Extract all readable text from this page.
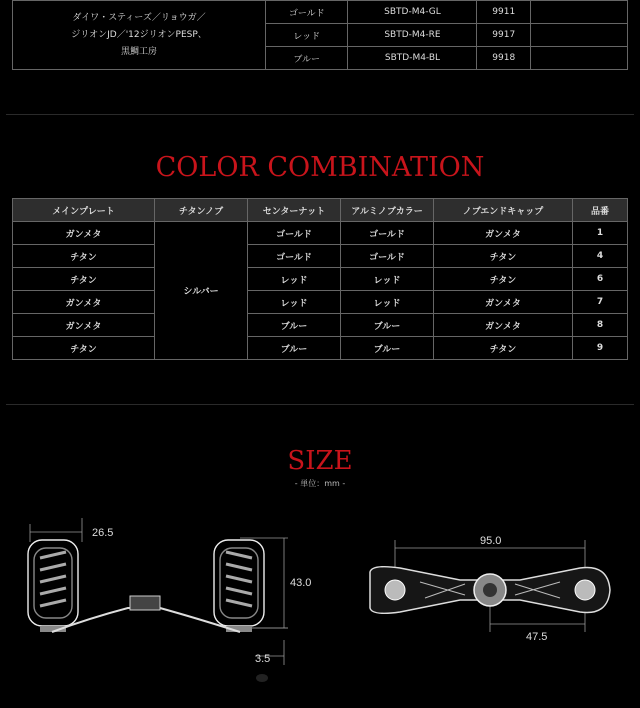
ダイワ・スティーズ／リョウガ／
ジリオンJD／'12ジリオンPESP、
黒鯛工房	ゴールド	SBTD-M4-GL	9911	
	レッド	SBTD-M4-RE	9917	
	ブルー	SBTD-M4-BL	9918	
COLOR COMBINATION
メインプレート	チタンノブ	センターナット	アルミノブカラー	ノブエンドキャップ	品番
ガンメタ	シルバー	ゴールド	ゴールド	ガンメタ	1
チタン		ゴールド	ゴールド	チタン	4
チタン		レッド	レッド	チタン	6
ガンメタ		レッド	レッド	ガンメタ	7
ガンメタ		ブルー	ブルー	ガンメタ	8
チタン		ブルー	ブルー	チタン	9
SIZE
- 単位：mm -
26.5
43.0
3.5
95.0
47.5
